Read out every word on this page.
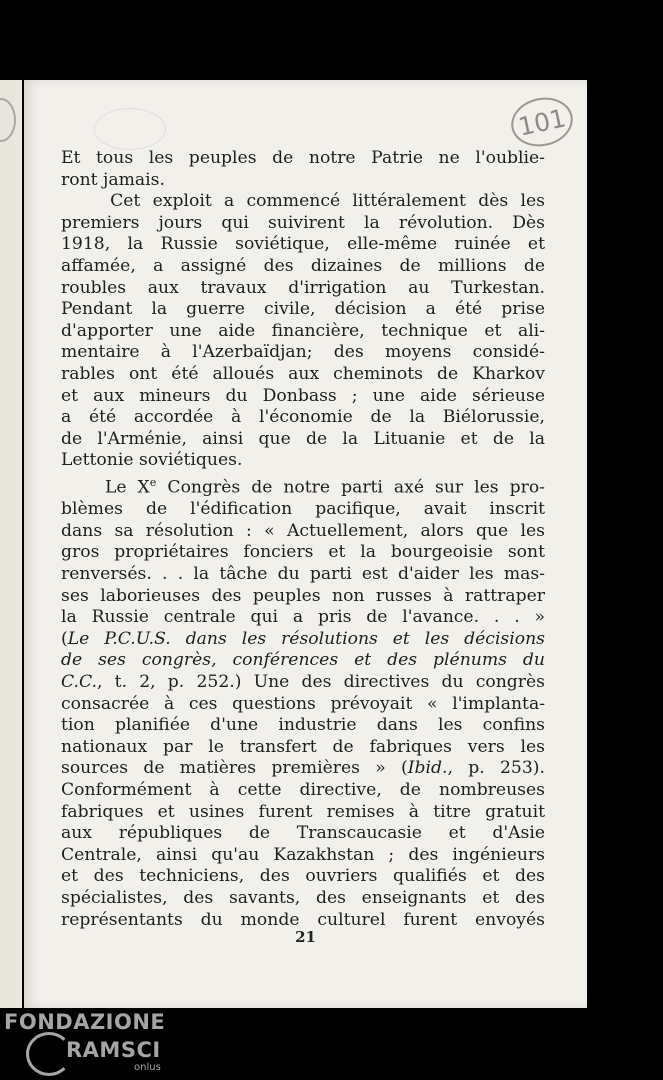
101
Et tous les peuples de notre Patrie ne l'oublie-
ront jamais.
Cet exploit a commencé littéralement dès les
premiers jours qui suivirent la révolution. Dès
1918, la Russie soviétique, elle-même ruinée et
affamée, a assigné des dizaines de millions de
roubles aux travaux d'irrigation au Turkestan.
Pendant la guerre civile, décision a été prise
d'apporter une aide financière, technique et ali-
mentaire à l'Azerbaïdjan; des moyens considé-
rables ont été alloués aux cheminots de Kharkov
et aux mineurs du Donbass ; une aide sérieuse
a été accordée à l'économie de la Biélorussie,
de l'Arménie, ainsi que de la Lituanie et de la
Lettonie soviétiques.
Le Xe Congrès de notre parti axé sur les pro-
blèmes de l'édification pacifique, avait inscrit
dans sa résolution : « Actuellement, alors que les
gros propriétaires fonciers et la bourgeoisie sont
renversés. . . la tâche du parti est d'aider les mas-
ses laborieuses des peuples non russes à rattraper
la Russie centrale qui a pris de l'avance. . . »
(Le P.C.U.S. dans les résolutions et les décisions
de ses congrès, conférences et des plénums du
C.C., t. 2, p. 252.) Une des directives du congrès
consacrée à ces questions prévoyait « l'implanta-
tion planifiée d'une industrie dans les confins
nationaux par le transfert de fabriques vers les
sources de matières premières » (Ibid., p. 253).
Conformément à cette directive, de nombreuses
fabriques et usines furent remises à titre gratuit
aux républiques de Transcaucasie et d'Asie
Centrale, ainsi qu'au Kazakhstan ; des ingénieurs
et des techniciens, des ouvriers qualifiés et des
spécialistes, des savants, des enseignants et des
représentants du monde culturel furent envoyés
21
FONDAZIONE
RAMSCI
onlus
